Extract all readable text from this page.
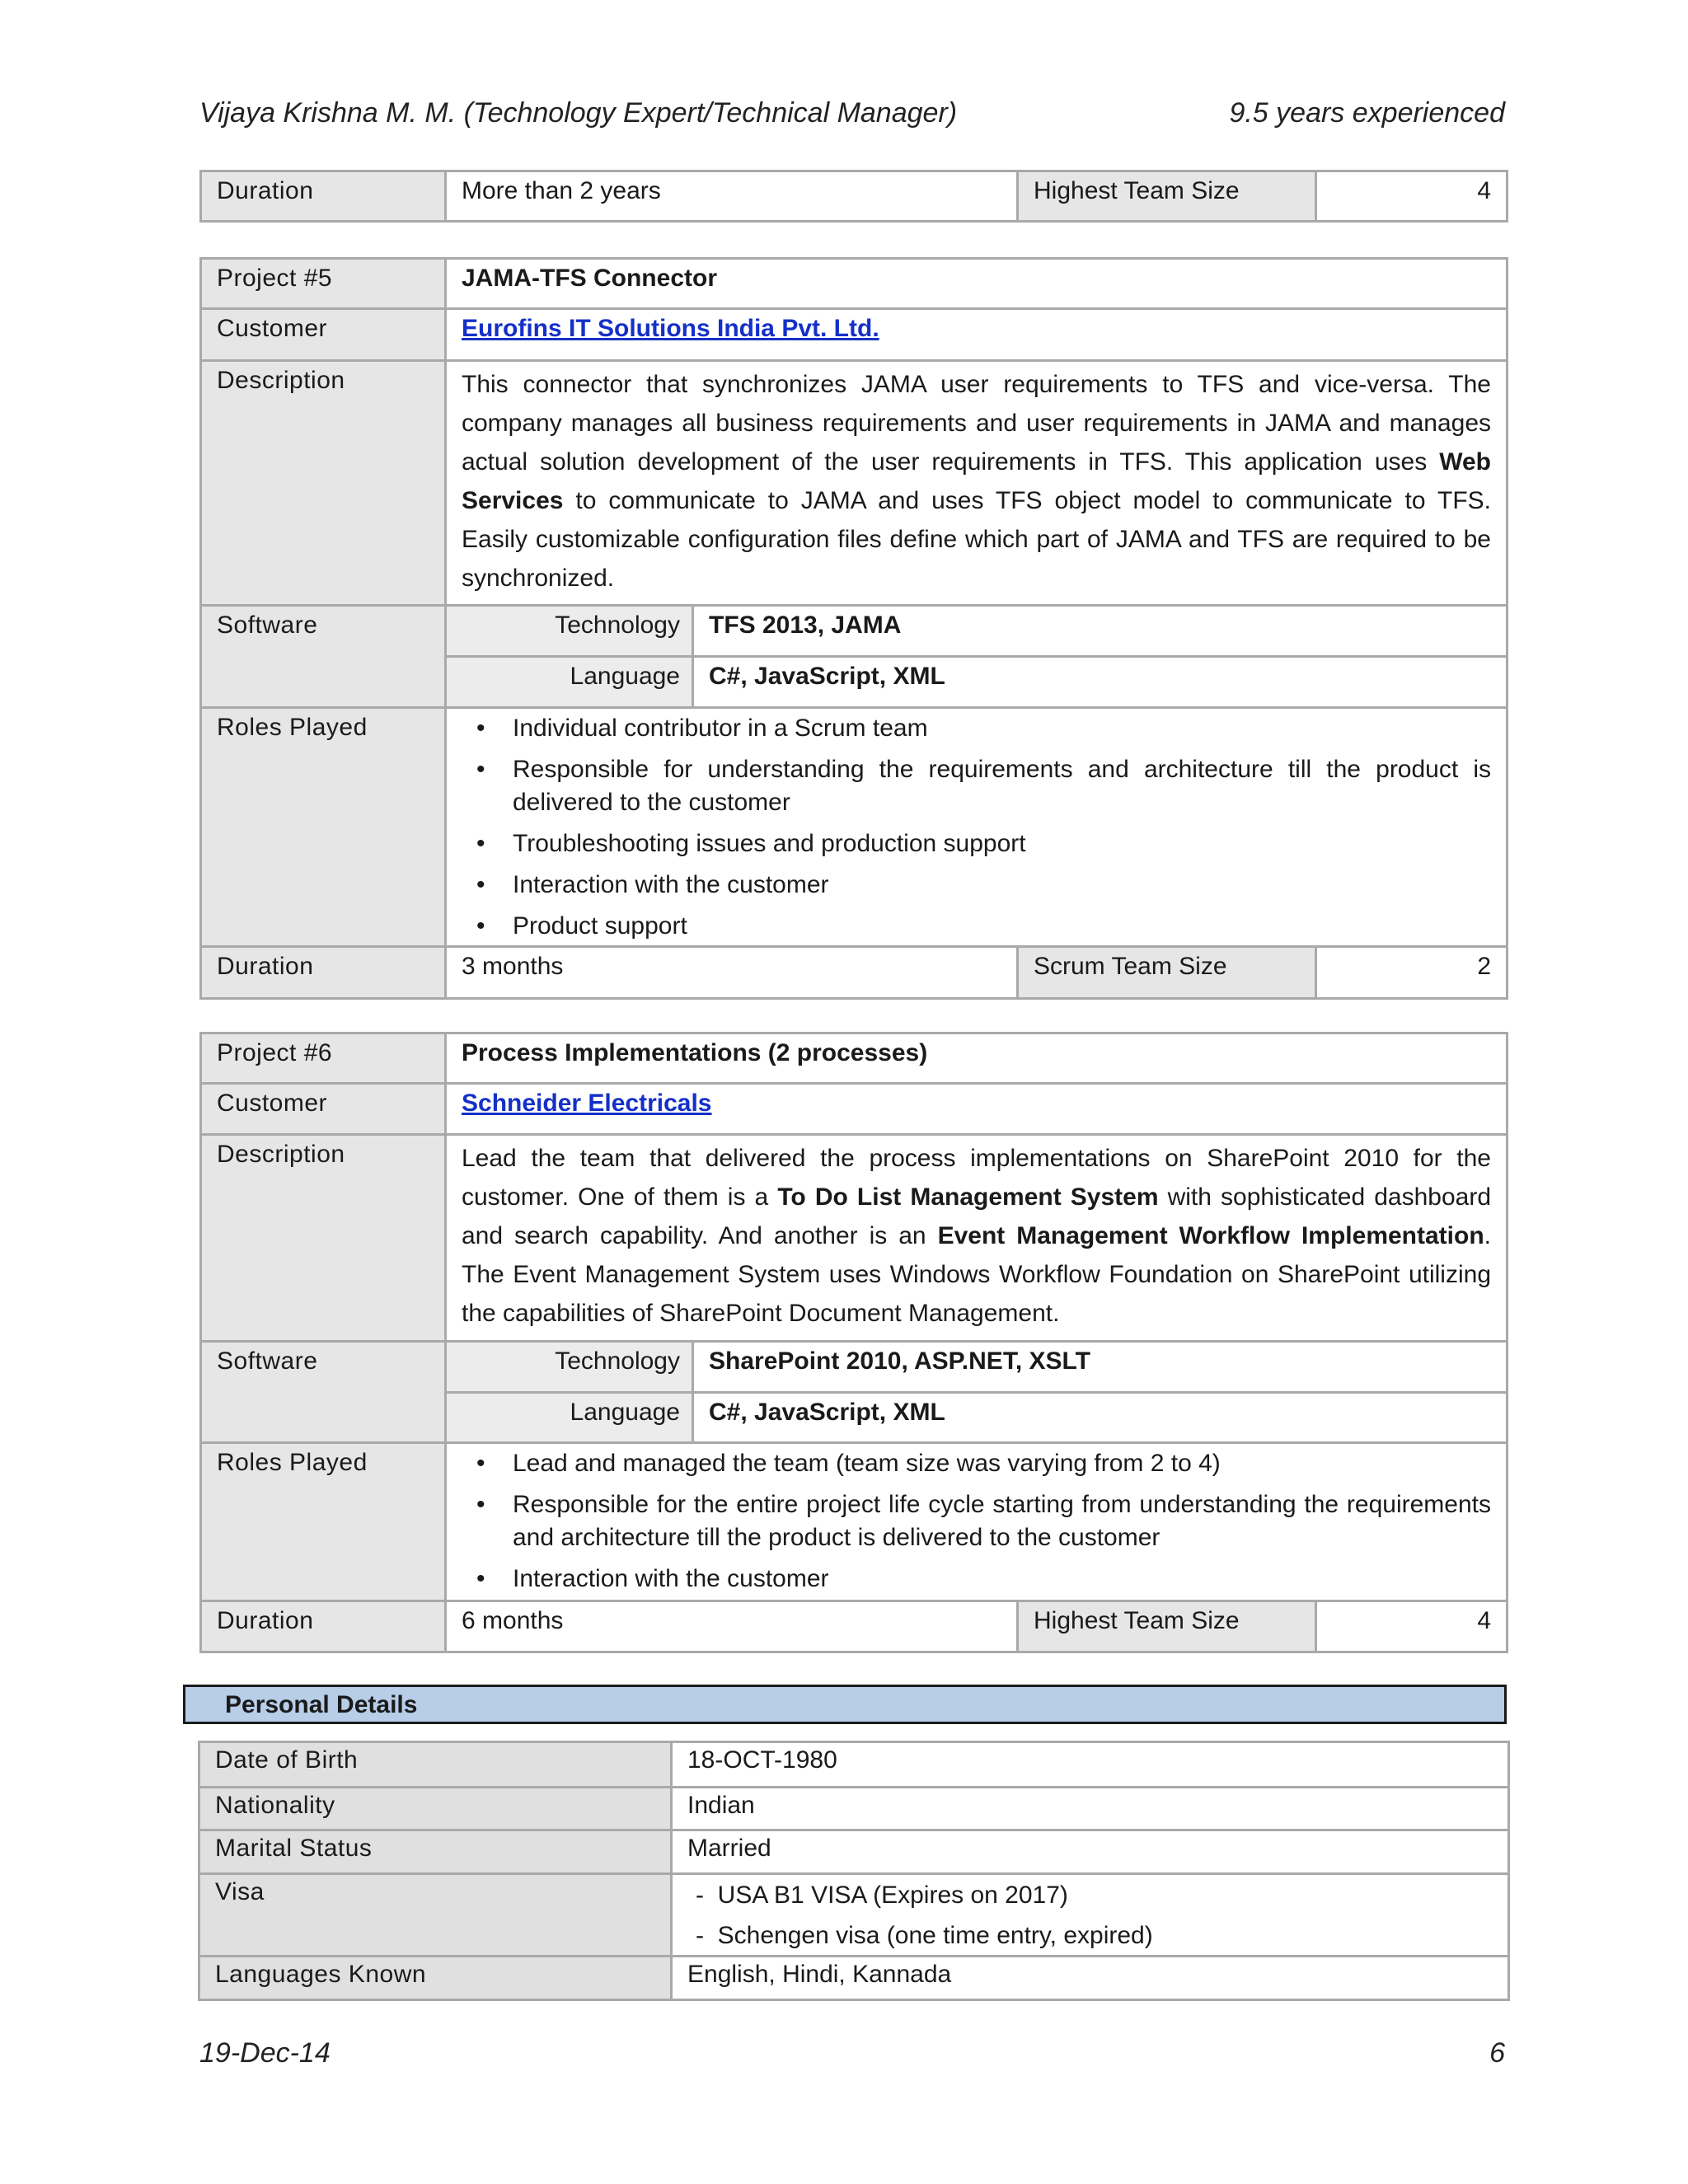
Vijaya Krishna M. M. (Technology Expert/Technical Manager)	9.5 years experienced
Duration	More than 2 years	Highest Team Size	4
Project #5	JAMA-TFS Connector
Customer	Eurofins IT Solutions India Pvt. Ltd.
Description	This connector that synchronizes JAMA user requirements to TFS and vice-versa. The company manages all business requirements and user requirements in JAMA and manages actual solution development of the user requirements in TFS. This application uses Web Services to communicate to JAMA and uses TFS object model to communicate to TFS. Easily customizable configuration files define which part of JAMA and TFS are required to be synchronized.
Software	Technology	TFS 2013, JAMA
Language	C#, JavaScript, XML
Roles Played	• Individual contributor in a Scrum team
• Responsible for understanding the requirements and architecture till the product is delivered to the customer
• Troubleshooting issues and production support
• Interaction with the customer
• Product support
Duration	3 months	Scrum Team Size	2
Project #6	Process Implementations (2 processes)
Customer	Schneider Electricals
Description	Lead the team that delivered the process implementations on SharePoint 2010 for the customer. One of them is a To Do List Management System with sophisticated dashboard and search capability. And another is an Event Management Workflow Implementation. The Event Management System uses Windows Workflow Foundation on SharePoint utilizing the capabilities of SharePoint Document Management.
Software	Technology	SharePoint 2010, ASP.NET, XSLT
Language	C#, JavaScript, XML
Roles Played	• Lead and managed the team (team size was varying from 2 to 4)
• Responsible for the entire project life cycle starting from understanding the requirements and architecture till the product is delivered to the customer
• Interaction with the customer
Duration	6 months	Highest Team Size	4
Personal Details
Date of Birth	18-OCT-1980
Nationality	Indian
Marital Status	Married
Visa	-  USA B1 VISA (Expires on 2017)
-  Schengen visa (one time entry, expired)
Languages Known	English, Hindi, Kannada
19-Dec-14	6
